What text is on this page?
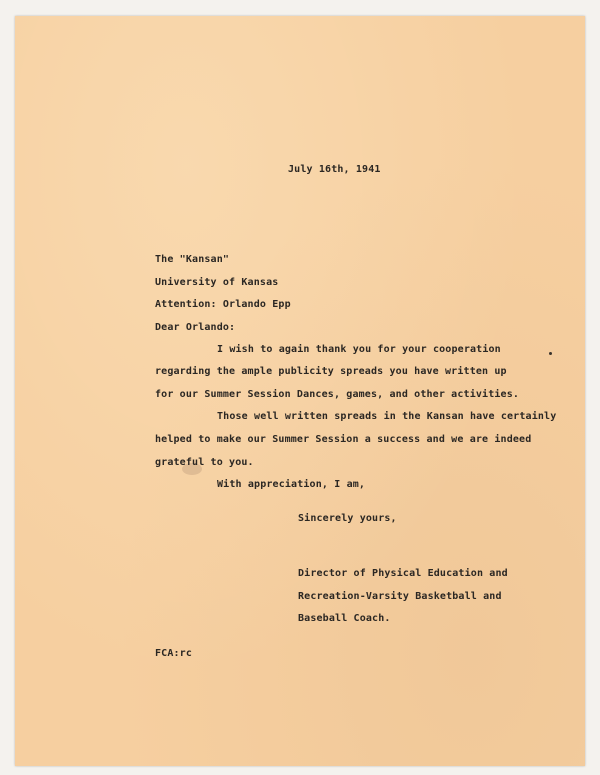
July 16th, 1941
The "Kansan"
University of Kansas
Attention: Orlando Epp
Dear Orlando:
I wish to again thank you for your cooperation
regarding the ample publicity spreads you have written up
for our Summer Session Dances, games, and other activities.
Those well written spreads in the Kansan have certainly
helped to make our Summer Session a success and we are indeed
grateful to you.
With appreciation, I am,
Sincerely yours,
Director of Physical Education and
Recreation-Varsity Basketball and
Baseball Coach.
FCA:rc
